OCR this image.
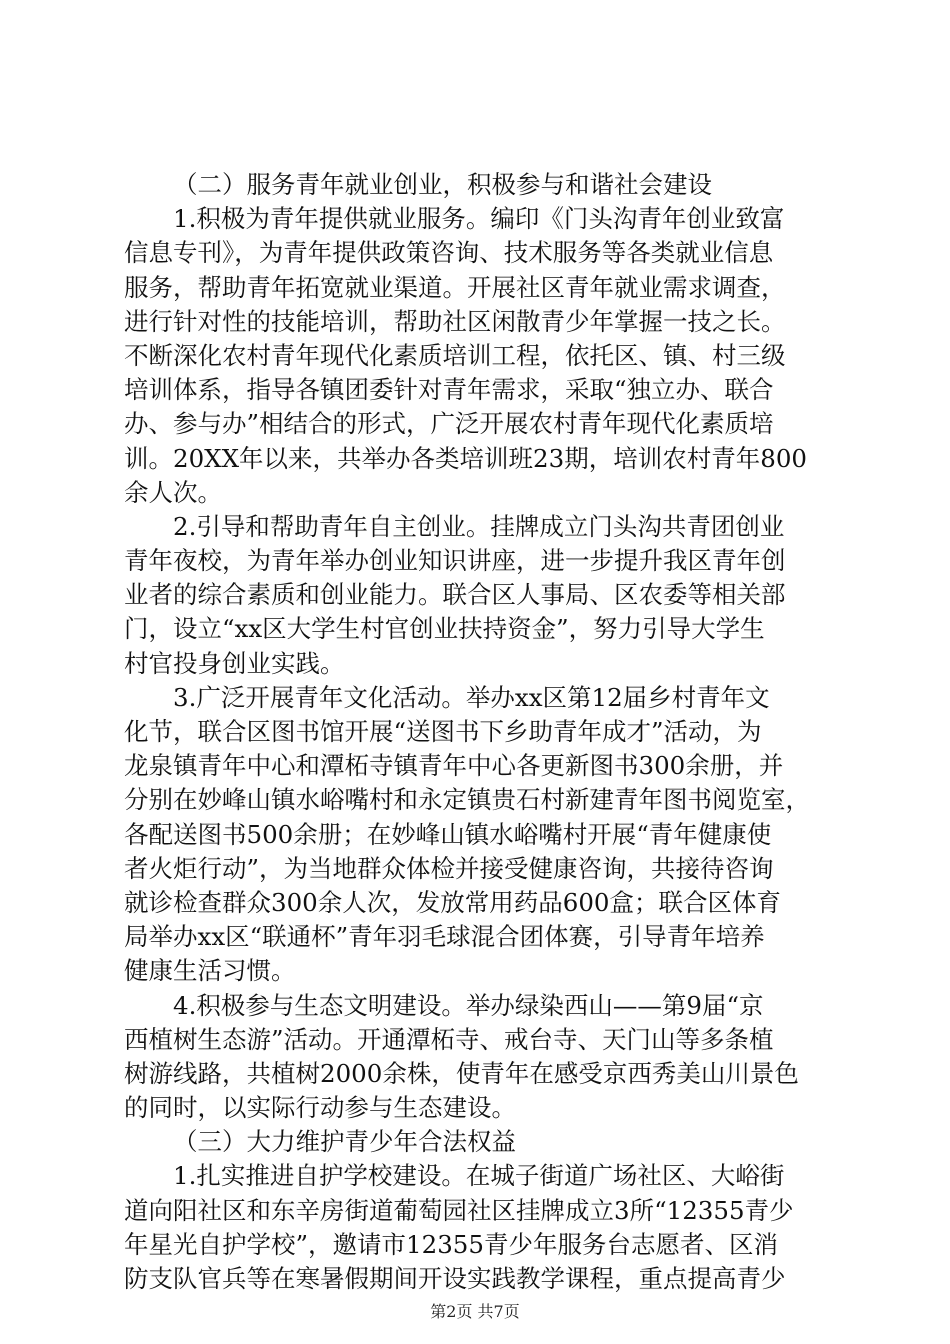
（二）服务青年就业创业，积极参与和谐社会建设
1.积极为青年提供就业服务。编印《门头沟青年创业致富
信息专刊》，为青年提供政策咨询、技术服务等各类就业信息
服务，帮助青年拓宽就业渠道。开展社区青年就业需求调查，
进行针对性的技能培训，帮助社区闲散青少年掌握一技之长。
不断深化农村青年现代化素质培训工程，依托区、镇、村三级
培训体系，指导各镇团委针对青年需求，采取“独立办、联合
办、参与办”相结合的形式，广泛开展农村青年现代化素质培
训。20XX年以来，共举办各类培训班23期，培训农村青年800
余人次。
2.引导和帮助青年自主创业。挂牌成立门头沟共青团创业
青年夜校，为青年举办创业知识讲座，进一步提升我区青年创
业者的综合素质和创业能力。联合区人事局、区农委等相关部
门，设立“xx区大学生村官创业扶持资金”，努力引导大学生
村官投身创业实践。
3.广泛开展青年文化活动。举办xx区第12届乡村青年文
化节，联合区图书馆开展“送图书下乡助青年成才”活动，为
龙泉镇青年中心和潭柘寺镇青年中心各更新图书300余册，并
分别在妙峰山镇水峪嘴村和永定镇贵石村新建青年图书阅览室，
各配送图书500余册；在妙峰山镇水峪嘴村开展“青年健康使
者火炬行动”，为当地群众体检并接受健康咨询，共接待咨询
就诊检查群众300余人次，发放常用药品600盒；联合区体育
局举办xx区“联通杯”青年羽毛球混合团体赛，引导青年培养
健康生活习惯。
4.积极参与生态文明建设。举办绿染西山——第9届“京
西植树生态游”活动。开通潭柘寺、戒台寺、天门山等多条植
树游线路，共植树2000余株，使青年在感受京西秀美山川景色
的同时，以实际行动参与生态建设。
（三）大力维护青少年合法权益
1.扎实推进自护学校建设。在城子街道广场社区、大峪街
道向阳社区和东辛房街道葡萄园社区挂牌成立3所“12355青少
年星光自护学校”，邀请市12355青少年服务台志愿者、区消
防支队官兵等在寒暑假期间开设实践教学课程，重点提高青少
第2页 共7页
